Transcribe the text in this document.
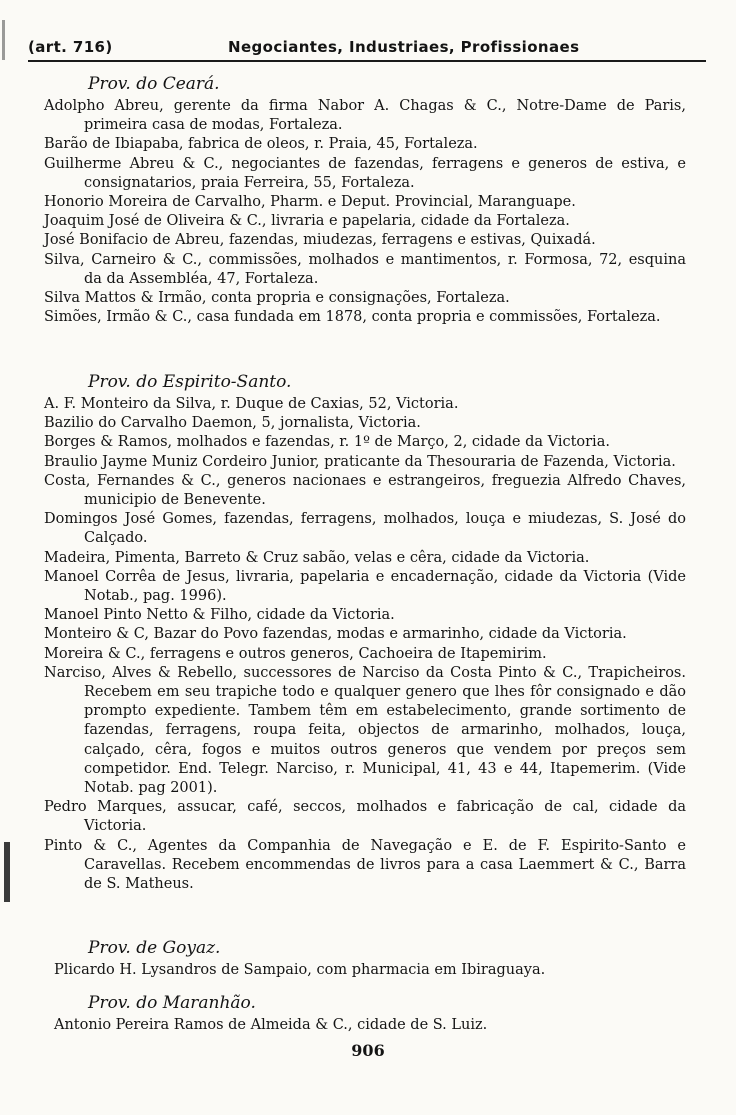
(art. 716)	Negociantes, Industriaes, Profissionaes
Prov. do Ceará.
Adolpho Abreu, gerente da firma Nabor A. Chagas & C., Notre-Dame de Paris, primeira casa de modas, Fortaleza.
Barão de Ibiapaba, fabrica de oleos, r. Praia, 45, Fortaleza.
Guilherme Abreu & C., negociantes de fazendas, ferragens e generos de estiva, e consignatarios, praia Ferreira, 55, Fortaleza.
Honorio Moreira de Carvalho, Pharm. e Deput. Provincial, Maranguape.
Joaquim José de Oliveira & C., livraria e papelaria, cidade da Fortaleza.
José Bonifacio de Abreu, fazendas, miudezas, ferragens e estivas, Quixadá.
Silva, Carneiro & C., commissões, molhados e mantimentos, r. Formosa, 72, esquina da da Assembléa, 47, Fortaleza.
Silva Mattos & Irmão, conta propria e consignações, Fortaleza.
Simões, Irmão & C., casa fundada em 1878, conta propria e commissões, Fortaleza.
Prov. do Espirito-Santo.
A. F. Monteiro da Silva, r. Duque de Caxias, 52, Victoria.
Bazilio do Carvalho Daemon, 5, jornalista, Victoria.
Borges & Ramos, molhados e fazendas, r. 1º de Março, 2, cidade da Victoria.
Braulio Jayme Muniz Cordeiro Junior, praticante da Thesouraria de Fazenda, Victoria.
Costa, Fernandes & C., generos nacionaes e estrangeiros, freguezia Alfredo Chaves, municipio de Benevente.
Domingos José Gomes, fazendas, ferragens, molhados, louça e miudezas, S. José do Calçado.
Madeira, Pimenta, Barreto & Cruz sabão, velas e cêra, cidade da Victoria.
Manoel Corrêa de Jesus, livraria, papelaria e encadernação, cidade da Victoria (Vide Notab., pag. 1996).
Manoel Pinto Netto & Filho, cidade da Victoria.
Monteiro & C, Bazar do Povo fazendas, modas e armarinho, cidade da Victoria.
Moreira & C., ferragens e outros generos, Cachoeira de Itapemirim.
Narciso, Alves & Rebello, successores de Narciso da Costa Pinto & C., Trapicheiros. Recebem em seu trapiche todo e qualquer genero que lhes fôr consignado e dão prompto expediente. Tambem têm em estabelecimento, grande sortimento de fazendas, ferragens, roupa feita, objectos de armarinho, molhados, louça, calçado, cêra, fogos e muitos outros generos que vendem por preços sem competidor. End. Telegr. Narciso, r. Municipal, 41, 43 e 44, Itapemerim. (Vide Notab. pag 2001).
Pedro Marques, assucar, café, seccos, molhados e fabricação de cal, cidade da Victoria.
Pinto & C., Agentes da Companhia de Navegação e E. de F. Espirito-Santo e Caravellas. Recebem encommendas de livros para a casa Laemmert & C., Barra de S. Matheus.
Prov. de Goyaz.
Plicardo H. Lysandros de Sampaio, com pharmacia em Ibiraguaya.
Prov. do Maranhão.
Antonio Pereira Ramos de Almeida & C., cidade de S. Luiz.
906
